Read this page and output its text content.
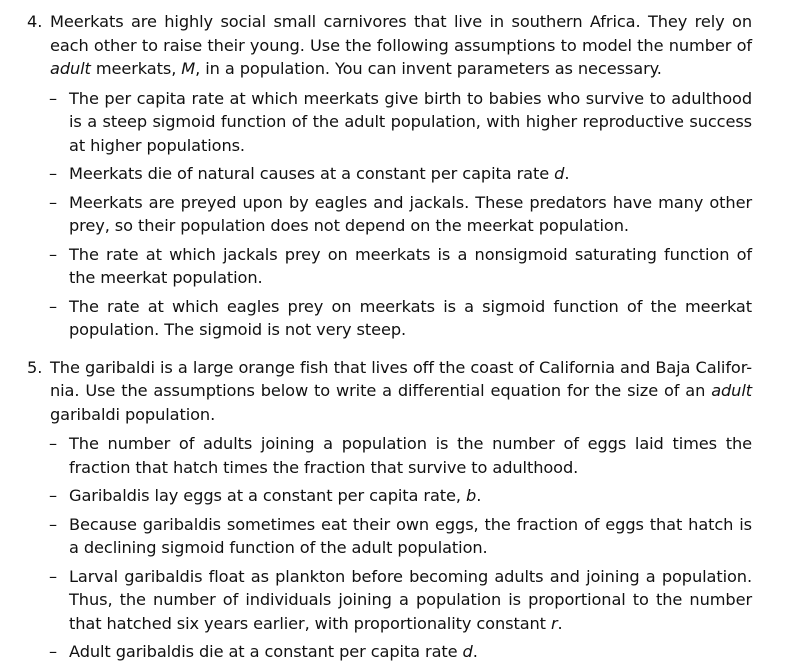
4. Meerkats are highly social small carnivores that live in southern Africa. They rely on each other to raise their young. Use the following assumptions to model the number of adult meerkats, M, in a population. You can invent parameters as necessary.
– The per capita rate at which meerkats give birth to babies who survive to adulthood is a steep sigmoid function of the adult population, with higher reproductive success at higher populations.
– Meerkats die of natural causes at a constant per capita rate d.
– Meerkats are preyed upon by eagles and jackals. These predators have many other prey, so their population does not depend on the meerkat population.
– The rate at which jackals prey on meerkats is a nonsigmoid saturating function of the meerkat population.
– The rate at which eagles prey on meerkats is a sigmoid function of the meerkat population. The sigmoid is not very steep.
5. The garibaldi is a large orange fish that lives off the coast of California and Baja Califor-nia. Use the assumptions below to write a differential equation for the size of an adult garibaldi population.
– The number of adults joining a population is the number of eggs laid times the fraction that hatch times the fraction that survive to adulthood.
– Garibaldis lay eggs at a constant per capita rate, b.
– Because garibaldis sometimes eat their own eggs, the fraction of eggs that hatch is a declining sigmoid function of the adult population.
– Larval garibaldis float as plankton before becoming adults and joining a population. Thus, the number of individuals joining a population is proportional to the number that hatched six years earlier, with proportionality constant r.
– Adult garibaldis die at a constant per capita rate d.
